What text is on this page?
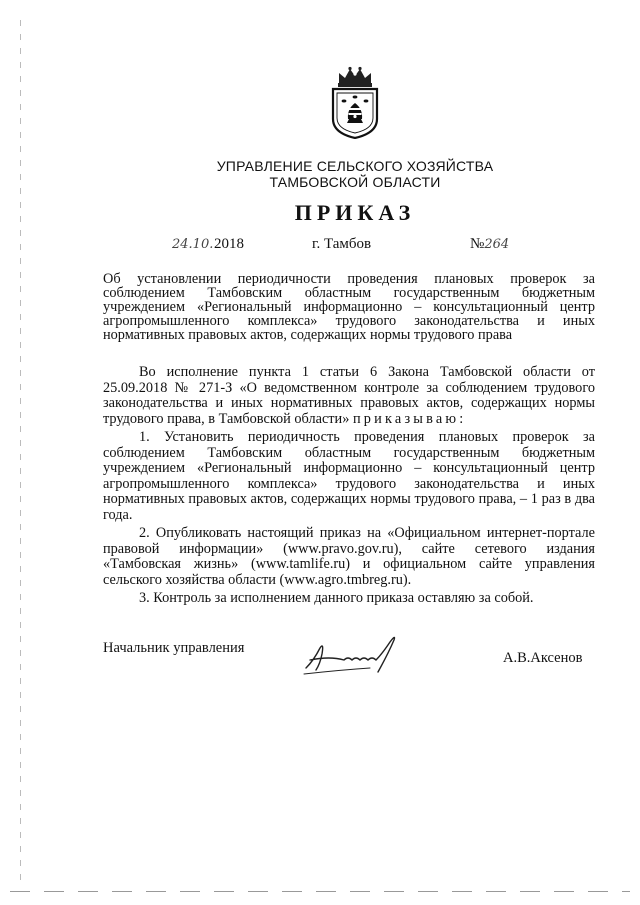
УПРАВЛЕНИЕ СЕЛЬСКОГО ХОЗЯЙСТВА
ТАМБОВСКОЙ ОБЛАСТИ
ПРИКАЗ
24.10.2018	г. Тамбов	№264
Об установлении периодичности проведения плановых проверок за соблюдением Тамбовским областным государственным бюджетным учреждением «Региональный информационно – консультационный центр агропромышленного комплекса» трудового законодательства и иных нормативных правовых актов, содержащих нормы трудового права

Во исполнение пункта 1 статьи 6 Закона Тамбовской области от 25.09.2018 № 271-З «О ведомственном контроле за соблюдением трудового законодательства и иных нормативных правовых актов, содержащих нормы трудового права, в Тамбовской области» приказываю:

1. Установить периодичность проведения плановых проверок за соблюдением Тамбовским областным государственным бюджетным учреждением «Региональный информационно – консультационный центр агропромышленного комплекса» трудового законодательства и иных нормативных правовых актов, содержащих нормы трудового права, – 1 раз в два года.

2. Опубликовать настоящий приказ на «Официальном интернет-портале правовой информации» (www.pravo.gov.ru), сайте сетевого издания «Тамбовская жизнь» (www.tamlife.ru) и официальном сайте управления сельского хозяйства области (www.agro.tmbreg.ru).

3. Контроль за исполнением данного приказа оставляю за собой.

Начальник управления
А.В.Аксенов
